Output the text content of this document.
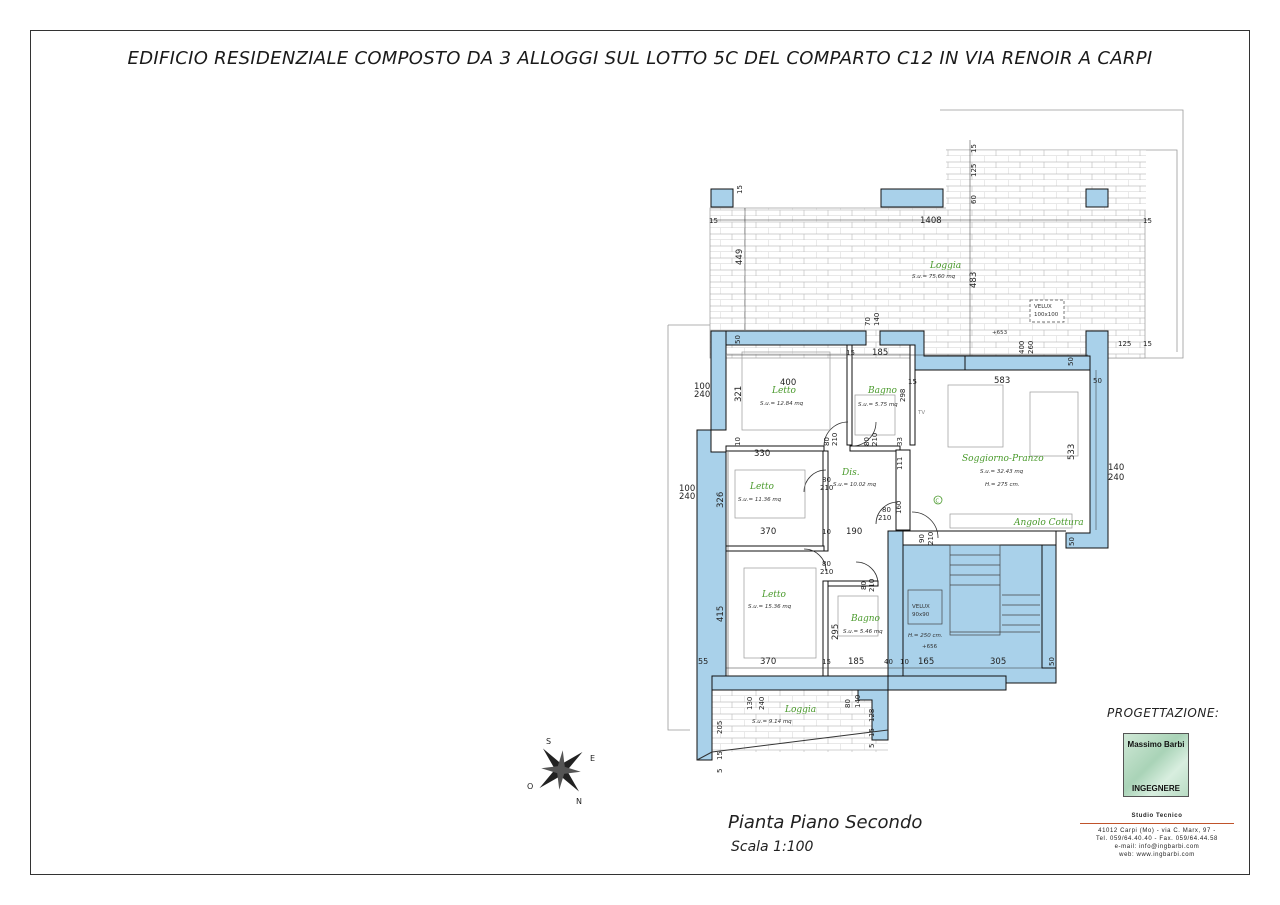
EDIFICIO RESIDENZIALE COMPOSTO DA 3 ALLOGGI SUL LOTTO 5C DEL COMPARTO C12 IN VIA RENOIR A CARPI
Loggia
Letto	Bagno
Soggiorno-Pranzo
Angolo Cottura
Letto
Dis.
Letto
Bagno
Loggia
S.u.= 75.60 mq
S.u.= 12.84 mq	S.u.= 5.75 mq
S.u.= 32.43 mq
H.= 275 cm.
S.u.= 11.36 mq
S.u.= 10.02 mq
S.u.= 15.36 mq
S.u.= 5.46 mq
S.u.= 9.14 mq
VELUX
100x100
VELUX
90x90
H.= 250 cm.
+653
+656
TV
C
1408
15	15
449
15
483
60
125
15
125 15
400 260
400
15 185
50
583
50
50
70 140
321	298
330
10	33
111
533
326
370	10 190
160
50
415
295
55	370	15 185	40 10 165	305	50
100
240
100
240
140
240
80 210	80 210
80
210
80
210
80
210
80 210
90 210
15
130 240	80 140
205
128
15
5
5
15
S
E
N
O
Pianta Piano Secondo
Scala 1:100
PROGETTAZIONE:
Massimo Barbi
INGEGNERE
Studio Tecnico
41012 Carpi (Mo) - via C. Marx, 97 -
Tel. 059/64.40.40 - Fax. 059/64.44.58
e-mail: info@ingbarbi.com
web: www.ingbarbi.com
